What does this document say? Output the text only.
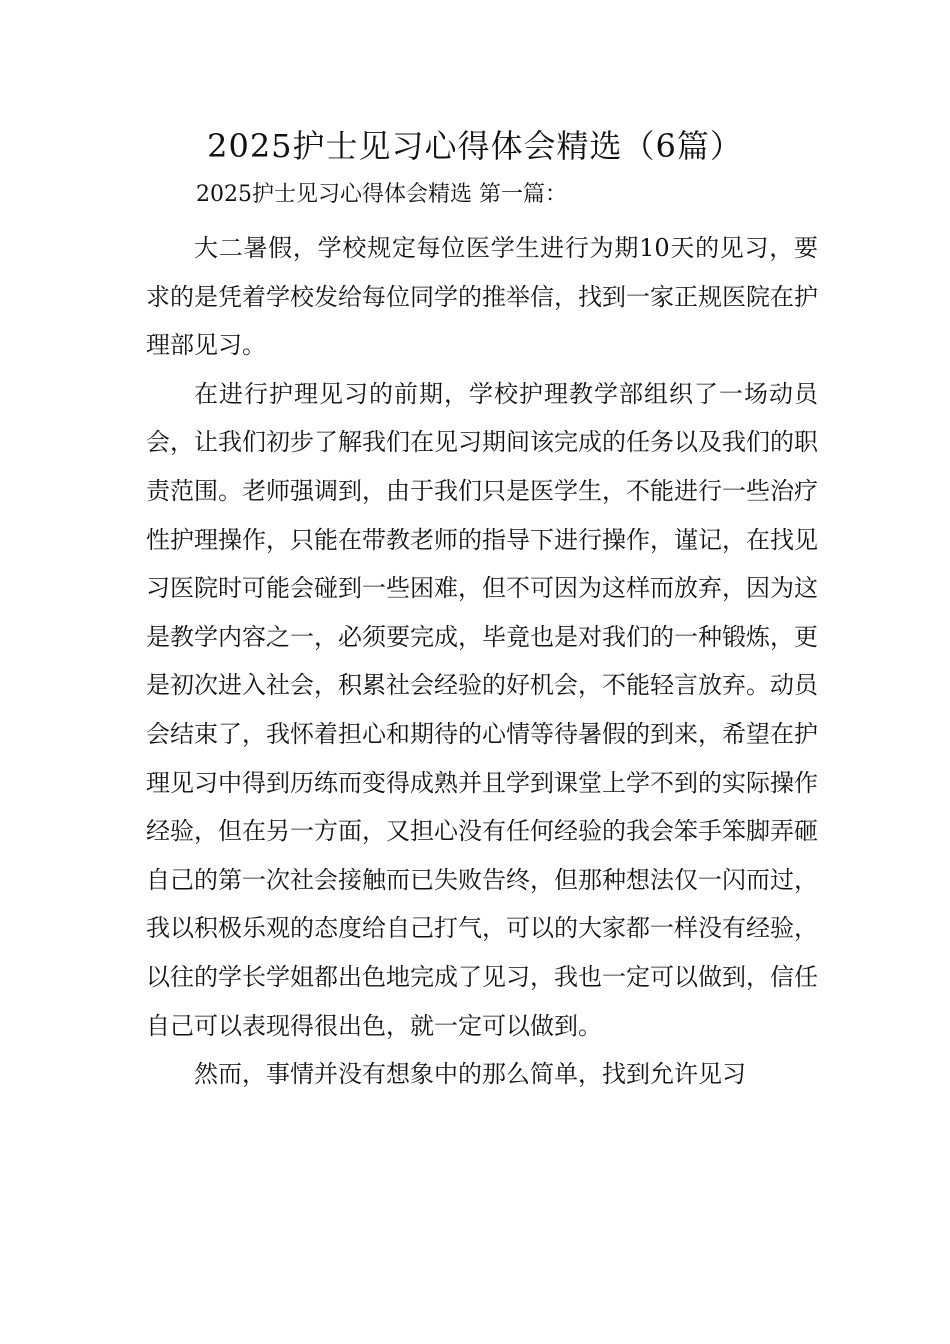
2025护士见习心得体会精选（6篇）
2025护士见习心得体会精选 第一篇：

大二暑假，学校规定每位医学生进行为期10天的见习，要求的是凭着学校发给每位同学的推举信，找到一家正规医院在护理部见习。

在进行护理见习的前期，学校护理教学部组织了一场动员会，让我们初步了解我们在见习期间该完成的任务以及我们的职责范围。老师强调到，由于我们只是医学生，不能进行一些治疗性护理操作，只能在带教老师的指导下进行操作，谨记，在找见习医院时可能会碰到一些困难，但不可因为这样而放弃，因为这是教学内容之一，必须要完成，毕竟也是对我们的一种锻炼，更是初次进入社会，积累社会经验的好机会，不能轻言放弃。动员会结束了，我怀着担心和期待的心情等待暑假的到来，希望在护理见习中得到历练而变得成熟并且学到课堂上学不到的实际操作经验，但在另一方面，又担心没有任何经验的我会笨手笨脚弄砸自己的第一次社会接触而已失败告终，但那种想法仅一闪而过，我以积极乐观的态度给自己打气，可以的大家都一样没有经验，以往的学长学姐都出色地完成了见习，我也一定可以做到，信任自己可以表现得很出色，就一定可以做到。

然而，事情并没有想象中的那么简单，找到允许见习
